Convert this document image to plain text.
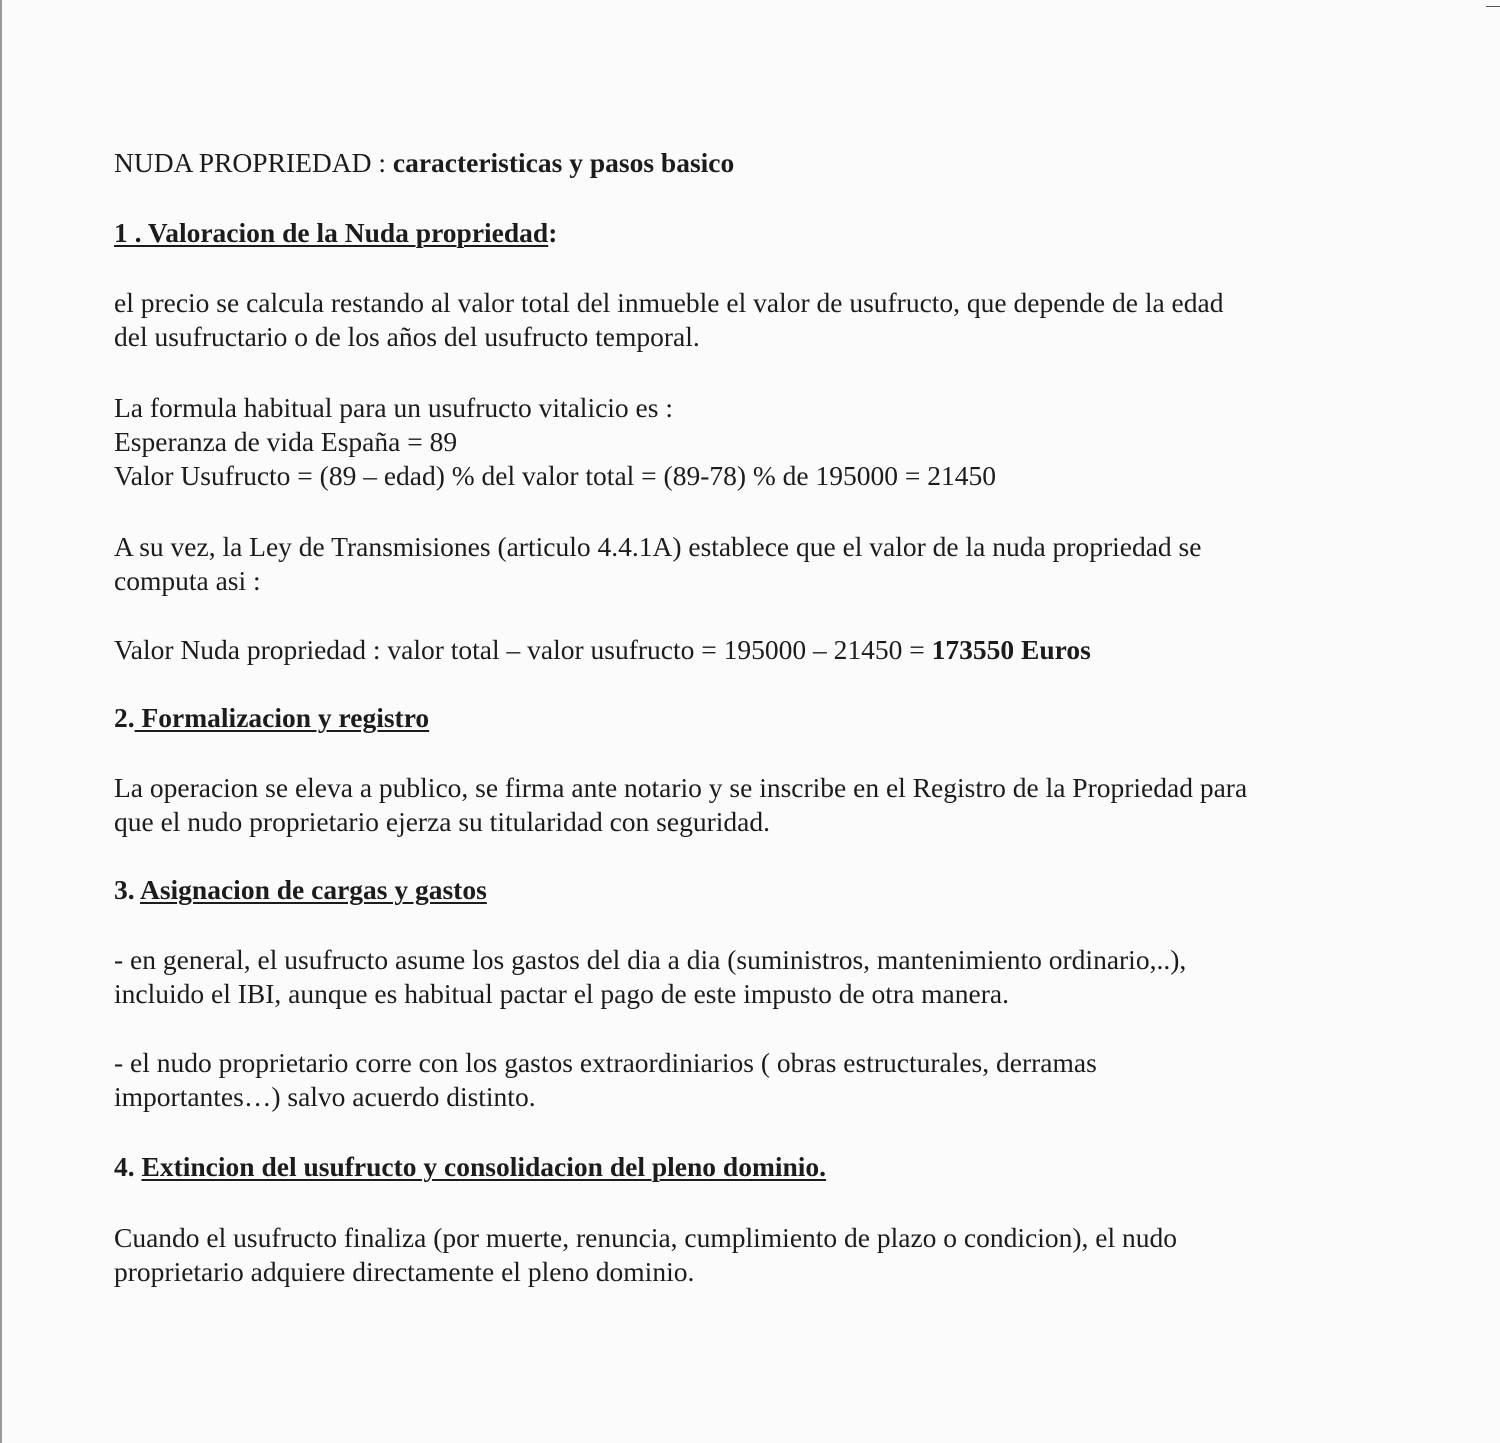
NUDA PROPRIEDAD : caracteristicas y pasos basico
1 . Valoracion de la Nuda propriedad:
el precio se calcula restando al valor total del inmueble el valor de usufructo, que depende de la edad
del usufructario o de los años del usufructo temporal.
La formula habitual para un usufructo vitalicio es :
Esperanza de vida España = 89
Valor Usufructo = (89 – edad) % del valor total = (89-78) % de 195000 = 21450
A su vez, la Ley de Transmisiones (articulo 4.4.1A) establece que el valor de la nuda propriedad se
computa asi :
Valor Nuda propriedad : valor total – valor usufructo = 195000 – 21450 = 173550 Euros
2. Formalizacion y registro
La operacion se eleva a publico, se firma ante notario y se inscribe en el Registro de la Propriedad para
que el nudo proprietario ejerza su titularidad con seguridad.
3. Asignacion de cargas y gastos
- en general, el usufructo asume los gastos del dia a dia (suministros, mantenimiento ordinario,..),
incluido el IBI, aunque es habitual pactar el pago de este impusto de otra manera.
- el nudo proprietario corre con los gastos extraordiniarios ( obras estructurales, derramas
importantes…) salvo acuerdo distinto.
4. Extincion del usufructo y consolidacion del pleno dominio.
Cuando el usufructo finaliza (por muerte, renuncia, cumplimiento de plazo o condicion), el nudo
proprietario adquiere directamente el pleno dominio.
